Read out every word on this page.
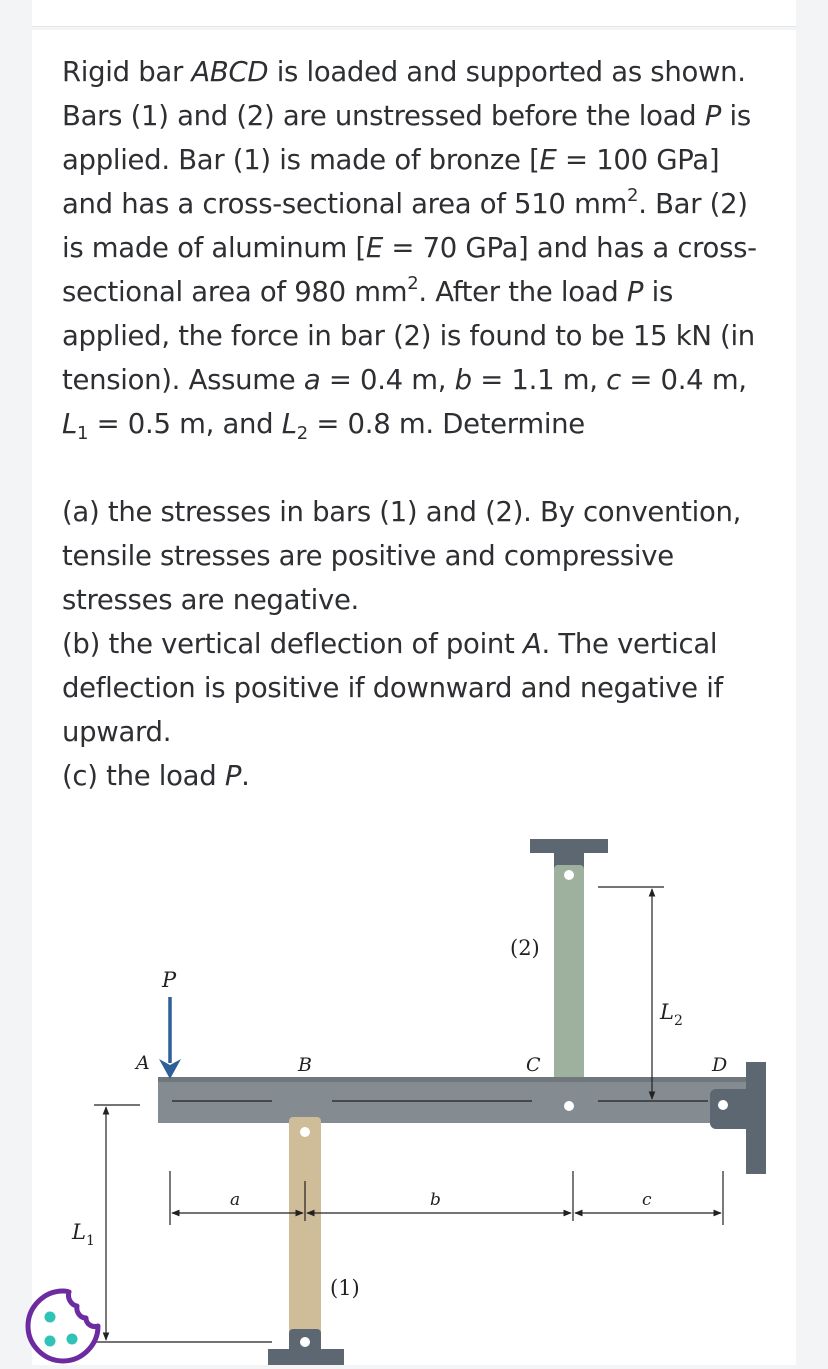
Rigid bar ABCD is loaded and supported as shown. Bars (1) and (2) are unstressed before the load P is applied. Bar (1) is made of bronze [E = 100 GPa] and has a cross-sectional area of 510 $mm^2$. Bar (2) is made of aluminum [E = 70 GPa] and has a cross-sectional area of 980 $mm^2$. After the load P is applied, the force in bar (2) is found to be 15 kN (in tension). Assume a = 0.4 m, b = 1.1 m, c = 0.4 m, $L_1 = 0.5$ m, and $L_2 = 0.8$ m. Determine

(a) the stresses in bars (1) and (2). By convention, tensile stresses are positive and compressive stresses are negative.

(b) the vertical deflection of point A. The vertical deflection is positive if downward and negative if upward.

(c) the load P.

P
A	B	C	D
(2)
(1)
$L_2$
$L_1$
a	b	c
